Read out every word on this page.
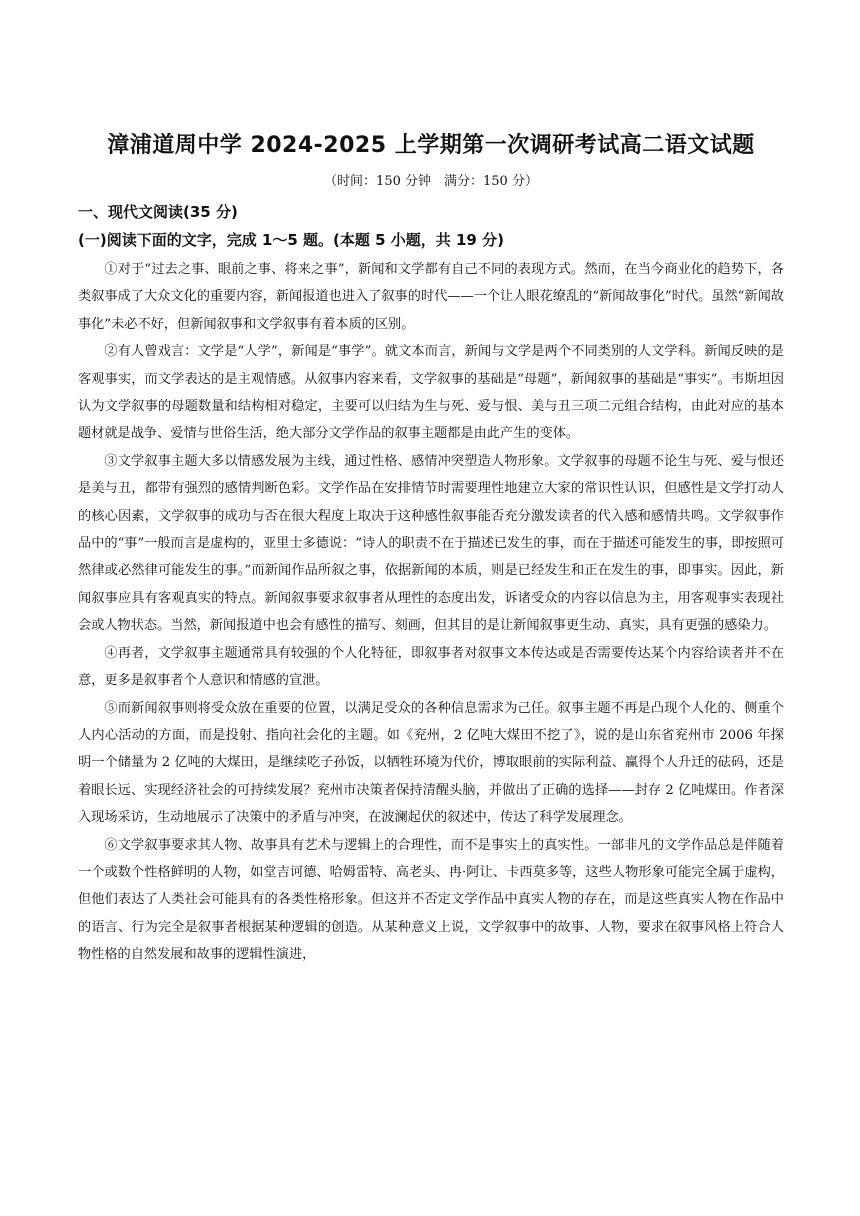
漳浦道周中学 2024-2025 上学期第一次调研考试高二语文试题
（时间：150 分钟　满分：150 分）
一、现代文阅读(35 分)
(一)阅读下面的文字，完成 1～5 题。(本题 5 小题，共 19 分)

①对于“过去之事、眼前之事、将来之事”，新闻和文学都有自己不同的表现方式。然而，在当今商业化的趋势下，各类叙事成了大众文化的重要内容，新闻报道也进入了叙事的时代——一个让人眼花缭乱的“新闻故事化”时代。虽然“新闻故事化”未必不好，但新闻叙事和文学叙事有着本质的区别。

②有人曾戏言：文学是“人学”，新闻是“事学”。就文本而言，新闻与文学是两个不同类别的人文学科。新闻反映的是客观事实，而文学表达的是主观情感。从叙事内容来看，文学叙事的基础是“母题”，新闻叙事的基础是“事实”。韦斯坦因认为文学叙事的母题数量和结构相对稳定，主要可以归结为生与死、爱与恨、美与丑三项二元组合结构，由此对应的基本题材就是战争、爱情与世俗生活，绝大部分文学作品的叙事主题都是由此产生的变体。

③文学叙事主题大多以情感发展为主线，通过性格、感情冲突塑造人物形象。文学叙事的母题不论生与死、爱与恨还是美与丑，都带有强烈的感情判断色彩。文学作品在安排情节时需要理性地建立大家的常识性认识，但感性是文学打动人的核心因素，文学叙事的成功与否在很大程度上取决于这种感性叙事能否充分激发读者的代入感和感情共鸣。文学叙事作品中的“事”一般而言是虚构的，亚里士多德说：“诗人的职责不在于描述已发生的事，而在于描述可能发生的事，即按照可然律或必然律可能发生的事。”而新闻作品所叙之事，依据新闻的本质，则是已经发生和正在发生的事，即事实。因此，新闻叙事应具有客观真实的特点。新闻叙事要求叙事者从理性的态度出发，诉诸受众的内容以信息为主，用客观事实表现社会或人物状态。当然，新闻报道中也会有感性的描写、刻画，但其目的是让新闻叙事更生动、真实，具有更强的感染力。

④再者，文学叙事主题通常具有较强的个人化特征，即叙事者对叙事文本传达或是否需要传达某个内容给读者并不在意，更多是叙事者个人意识和情感的宣泄。

⑤而新闻叙事则将受众放在重要的位置，以满足受众的各种信息需求为己任。叙事主题不再是凸现个人化的、侧重个人内心活动的方面，而是投射、指向社会化的主题。如《兖州，2 亿吨大煤田不挖了》，说的是山东省兖州市 2006 年探明一个储量为 2 亿吨的大煤田，是继续吃子孙饭，以牺牲环境为代价，博取眼前的实际利益、赢得个人升迁的砝码，还是着眼长远、实现经济社会的可持续发展？兖州市决策者保持清醒头脑，并做出了正确的选择——封存 2 亿吨煤田。作者深入现场采访，生动地展示了决策中的矛盾与冲突，在波澜起伏的叙述中，传达了科学发展理念。

⑥文学叙事要求其人物、故事具有艺术与逻辑上的合理性，而不是事实上的真实性。一部非凡的文学作品总是伴随着一个或数个性格鲜明的人物，如堂吉诃德、哈姆雷特、高老头、冉·阿让、卡西莫多等，这些人物形象可能完全属于虚构，但他们表达了人类社会可能具有的各类性格形象。但这并不否定文学作品中真实人物的存在，而是这些真实人物在作品中的语言、行为完全是叙事者根据某种逻辑的创造。从某种意义上说，文学叙事中的故事、人物，要求在叙事风格上符合人物性格的自然发展和故事的逻辑性演进，
